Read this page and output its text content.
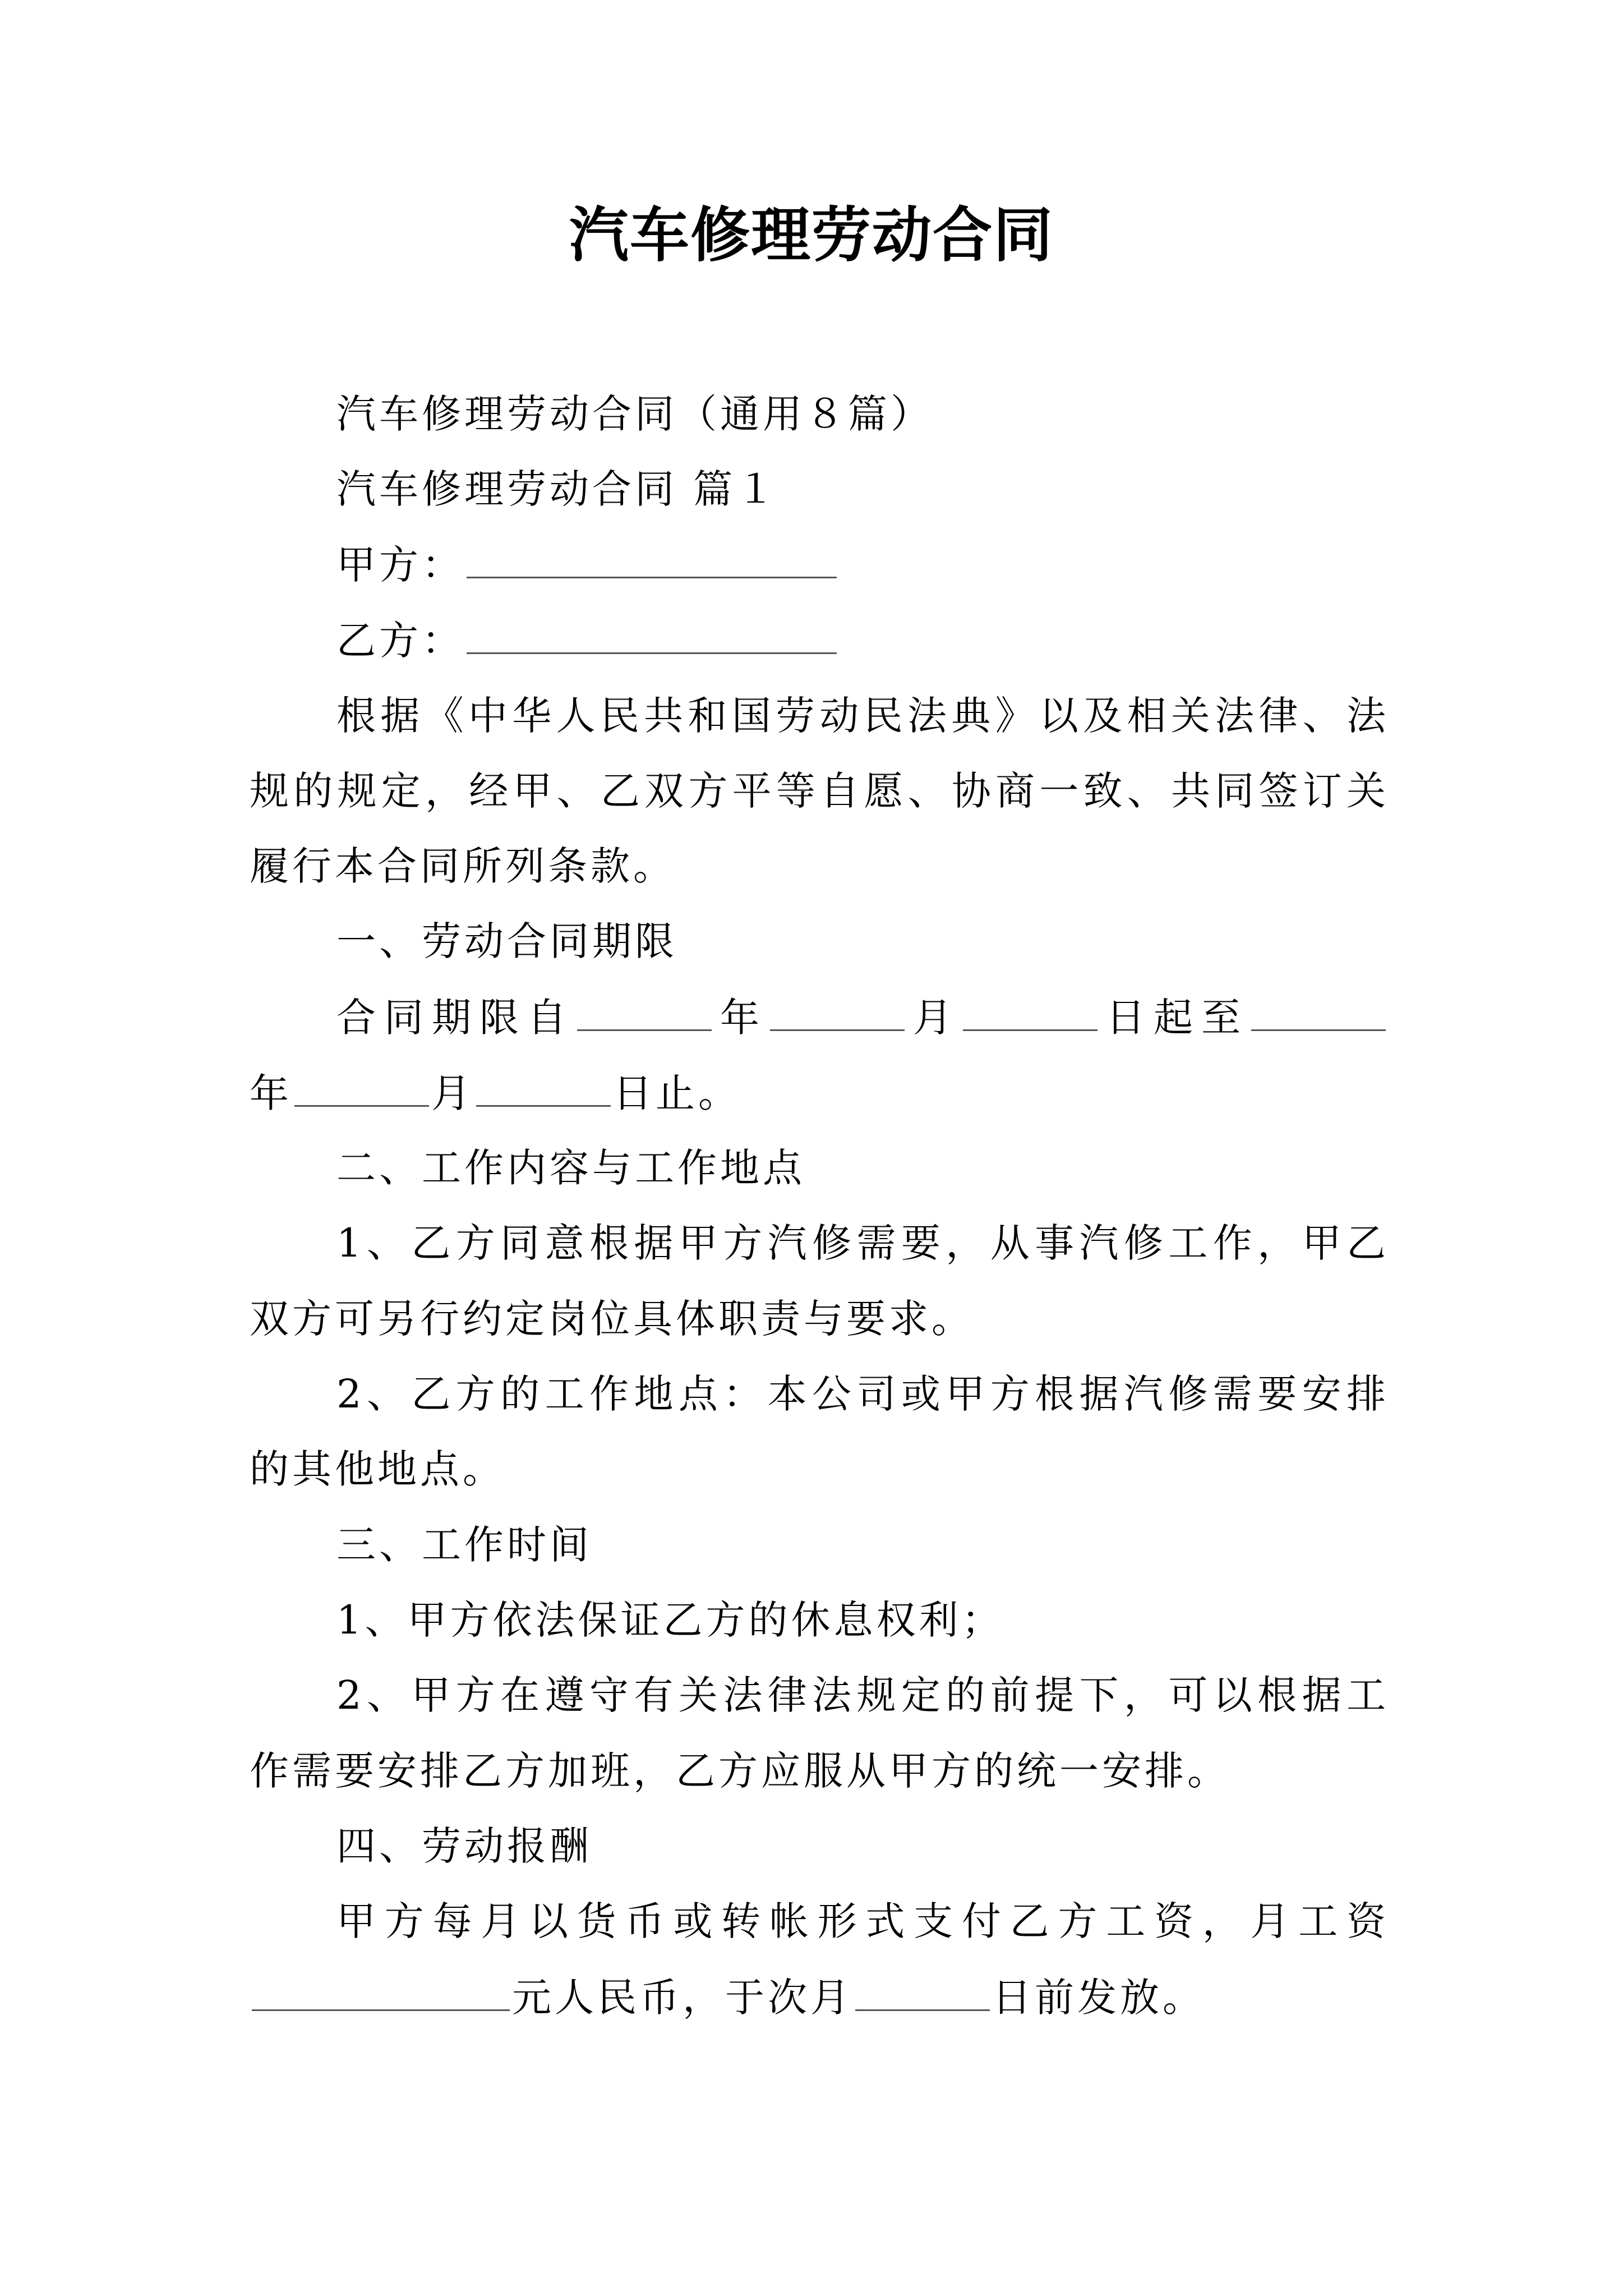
汽车修理劳动合同
汽车修理劳动合同（通用８篇）
汽车修理劳动合同 篇１
甲方：
乙方：
根据《中华人民共和国劳动民法典》以及相关法律、法
规的规定，经甲、乙双方平等自愿、协商一致、共同签订关
履行本合同所列条款。
一、劳动合同期限
合同期限自	年	月	日起至
年	月	日止。
二、工作内容与工作地点
1、乙方同意根据甲方汽修需要，从事汽修工作，甲乙
双方可另行约定岗位具体职责与要求。
2、乙方的工作地点：本公司或甲方根据汽修需要安排
的其他地点。
三、工作时间
1、甲方依法保证乙方的休息权利；
2、甲方在遵守有关法律法规定的前提下，可以根据工
作需要安排乙方加班，乙方应服从甲方的统一安排。
四、劳动报酬
甲方每月以货币或转帐形式支付乙方工资，月工资
元人民币，于次月	日前发放。
